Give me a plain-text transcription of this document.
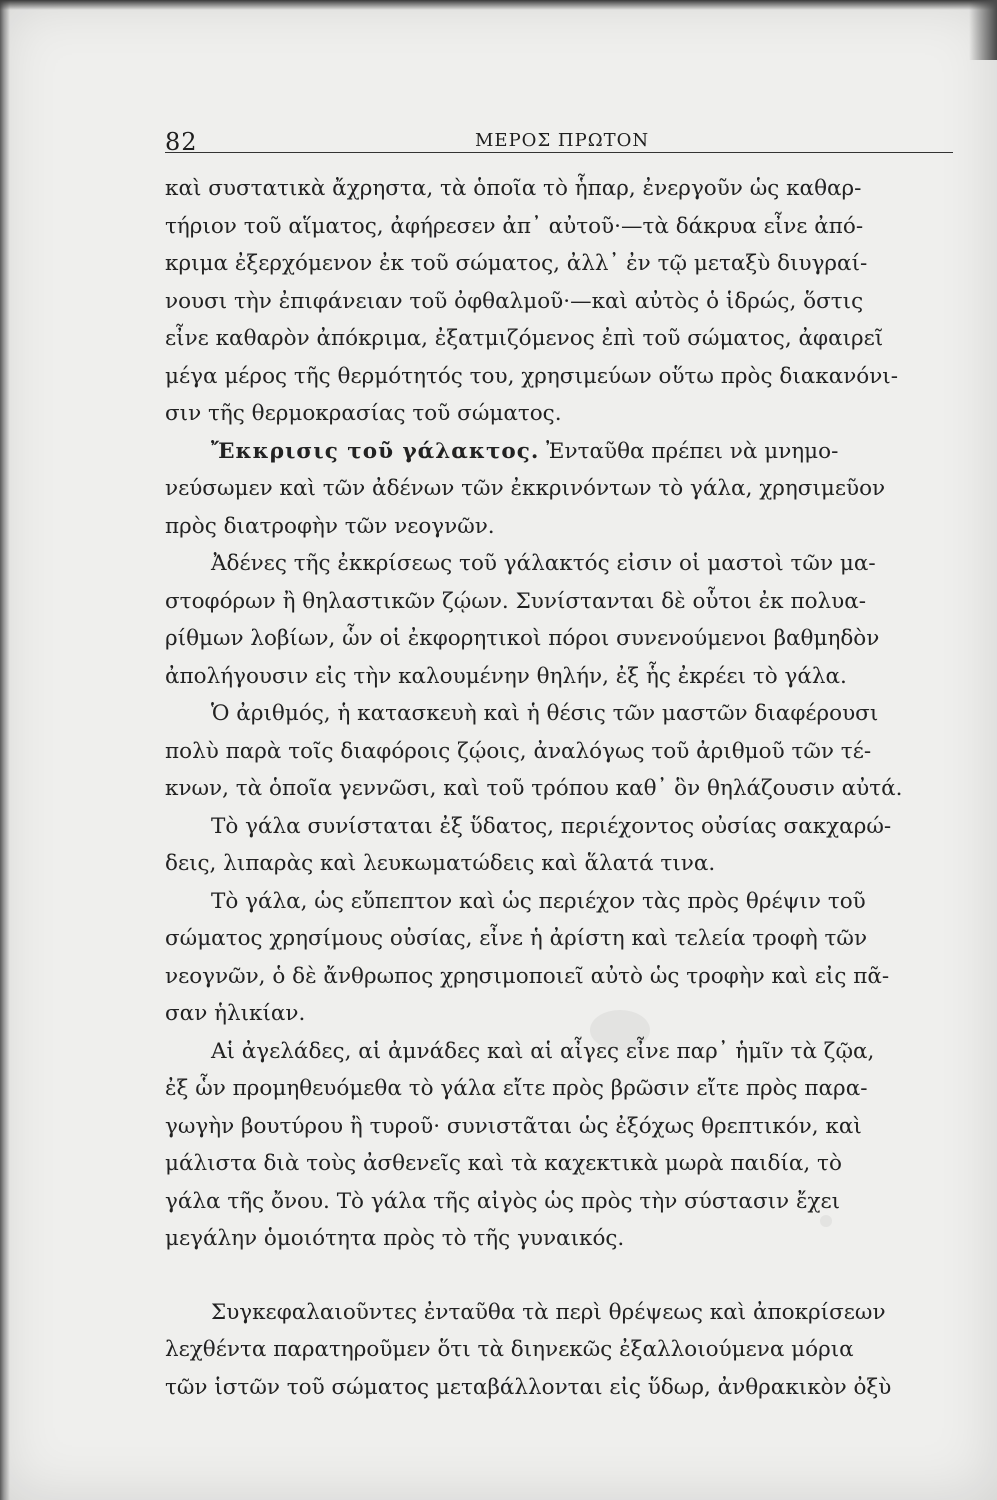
82	ΜΕΡΟΣ ΠΡΩΤΟΝ
καὶ συστατικὰ ἄχρηστα, τὰ ὁποῖα τὸ ἧπαρ, ἐνεργοῦν ὡς καθαρ-
τήριον τοῦ αἵματος, ἀφήρεσεν ἀπ᾽ αὐτοῦ·—τὰ δάκρυα εἶνε ἀπό-
κριμα ἐξερχόμενον ἐκ τοῦ σώματος, ἀλλ᾽ ἐν τῷ μεταξὺ διυγραί-
νουσι τὴν ἐπιφάνειαν τοῦ ὀφθαλμοῦ·—καὶ αὐτὸς ὁ ἱδρώς, ὅστις
εἶνε καθαρὸν ἀπόκριμα, ἐξατμιζόμενος ἐπὶ τοῦ σώματος, ἀφαιρεῖ
μέγα μέρος τῆς θερμότητός του, χρησιμεύων οὕτω πρὸς διακανόνι-
σιν τῆς θερμοκρασίας τοῦ σώματος.
Ἔκκρισις τοῦ γάλακτος. Ἐνταῦθα πρέπει νὰ μνημο-
νεύσωμεν καὶ τῶν ἀδένων τῶν ἐκκρινόντων τὸ γάλα, χρησιμεῦον
πρὸς διατροφὴν τῶν νεογνῶν.
Ἀδένες τῆς ἐκκρίσεως τοῦ γάλακτός εἰσιν οἱ μαστοὶ τῶν μα-
στοφόρων ἢ θηλαστικῶν ζῴων. Συνίστανται δὲ οὗτοι ἐκ πολυα-
ρίθμων λοβίων, ὧν οἱ ἐκφορητικοὶ πόροι συνενούμενοι βαθμηδὸν
ἀπολήγουσιν εἰς τὴν καλουμένην θηλήν, ἐξ ἧς ἐκρέει τὸ γάλα.
Ὁ ἀριθμός, ἡ κατασκευὴ καὶ ἡ θέσις τῶν μαστῶν διαφέρουσι
πολὺ παρὰ τοῖς διαφόροις ζῴοις, ἀναλόγως τοῦ ἀριθμοῦ τῶν τέ-
κνων, τὰ ὁποῖα γεννῶσι, καὶ τοῦ τρόπου καθ᾽ ὃν θηλάζουσιν αὐτά.
Τὸ γάλα συνίσταται ἐξ ὕδατος, περιέχοντος οὐσίας σακχαρώ-
δεις, λιπαρὰς καὶ λευκωματώδεις καὶ ἅλατά τινα.
Τὸ γάλα, ὡς εὔπεπτον καὶ ὡς περιέχον τὰς πρὸς θρέψιν τοῦ
σώματος χρησίμους οὐσίας, εἶνε ἡ ἀρίστη καὶ τελεία τροφὴ τῶν
νεογνῶν, ὁ δὲ ἄνθρωπος χρησιμοποιεῖ αὐτὸ ὡς τροφὴν καὶ εἰς πᾶ-
σαν ἡλικίαν.
Αἱ ἀγελάδες, αἱ ἀμνάδες καὶ αἱ αἶγες εἶνε παρ᾽ ἡμῖν τὰ ζῷα,
ἐξ ὧν προμηθευόμεθα τὸ γάλα εἴτε πρὸς βρῶσιν εἴτε πρὸς παρα-
γωγὴν βουτύρου ἢ τυροῦ· συνιστᾶται ὡς ἐξόχως θρεπτικόν, καὶ
μάλιστα διὰ τοὺς ἀσθενεῖς καὶ τὰ καχεκτικὰ μωρὰ παιδία, τὸ
γάλα τῆς ὄνου. Τὸ γάλα τῆς αἰγὸς ὡς πρὸς τὴν σύστασιν ἔχει
μεγάλην ὁμοιότητα πρὸς τὸ τῆς γυναικός.
Συγκεφαλαιοῦντες ἐνταῦθα τὰ περὶ θρέψεως καὶ ἀποκρίσεων
λεχθέντα παρατηροῦμεν ὅτι τὰ διηνεκῶς ἐξαλλοιούμενα μόρια
τῶν ἱστῶν τοῦ σώματος μεταβάλλονται εἰς ὕδωρ, ἀνθρακικὸν ὀξὺ
